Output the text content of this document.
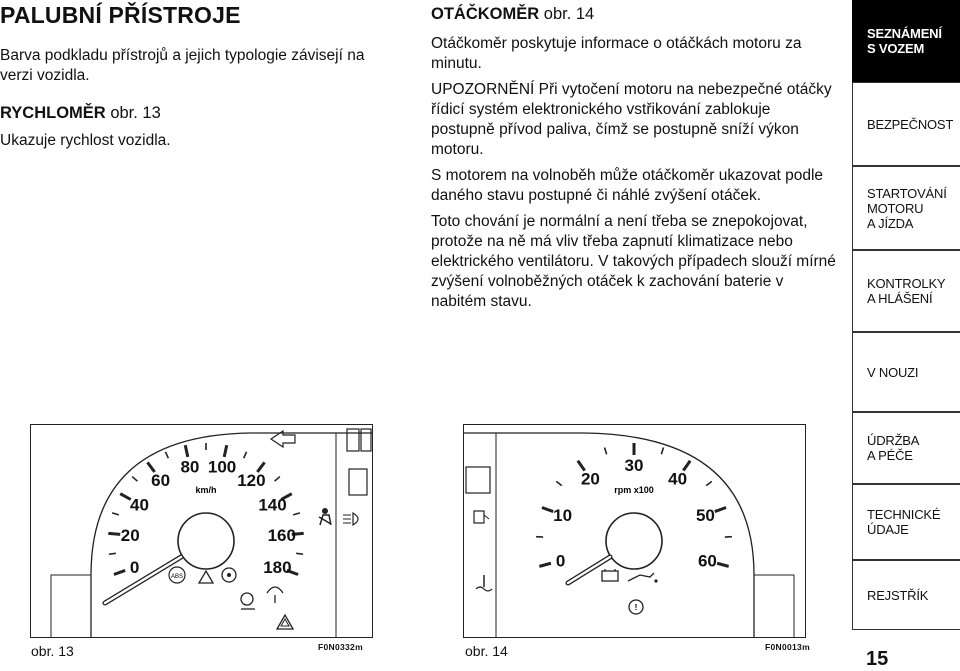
PALUBNÍ PŘÍSTROJE
Barva podkladu přístrojů a jejich typologie závisejí na verzi vozidla.
RYCHLOMĚR obr. 13
Ukazuje rychlost vozidla.
OTÁČKOMĚR obr. 14
Otáčkoměr poskytuje informace o otáčkách motoru za minutu.
UPOZORNĚNÍ Při vytočení motoru na nebezpečné otáčky řídicí systém elektronického vstřikování zablokuje postupně přívod paliva, čímž se postupně sníží výkon motoru.
S motorem na volnoběh může otáčkoměr ukazovat podle daného stavu postupné či náhlé zvýšení otáček.
Toto chování je normální a není třeba se znepokojovat, protože na ně má vliv třeba zapnutí klimatizace nebo elektrického ventilátoru. V takových případech slouží mírné zvýšení volnoběžných otáček k zachování baterie v nabitém stavu.
0
20
40
60
80 100
120
140
160
180
km/h
ABS
obr. 13	F0N0332m
0
10
20
30
40
50
60
rpm x100
!
obr. 14	F0N0013m
SEZNÁMENÍ
S VOZEM
BEZPEČNOST
STARTOVÁNÍ
MOTORU
A JÍZDA
KONTROLKY
A HLÁŠENÍ
V NOUZI
ÚDRŽBA
A PÉČE
TECHNICKÉ
ÚDAJE
REJSTŘÍK
15
